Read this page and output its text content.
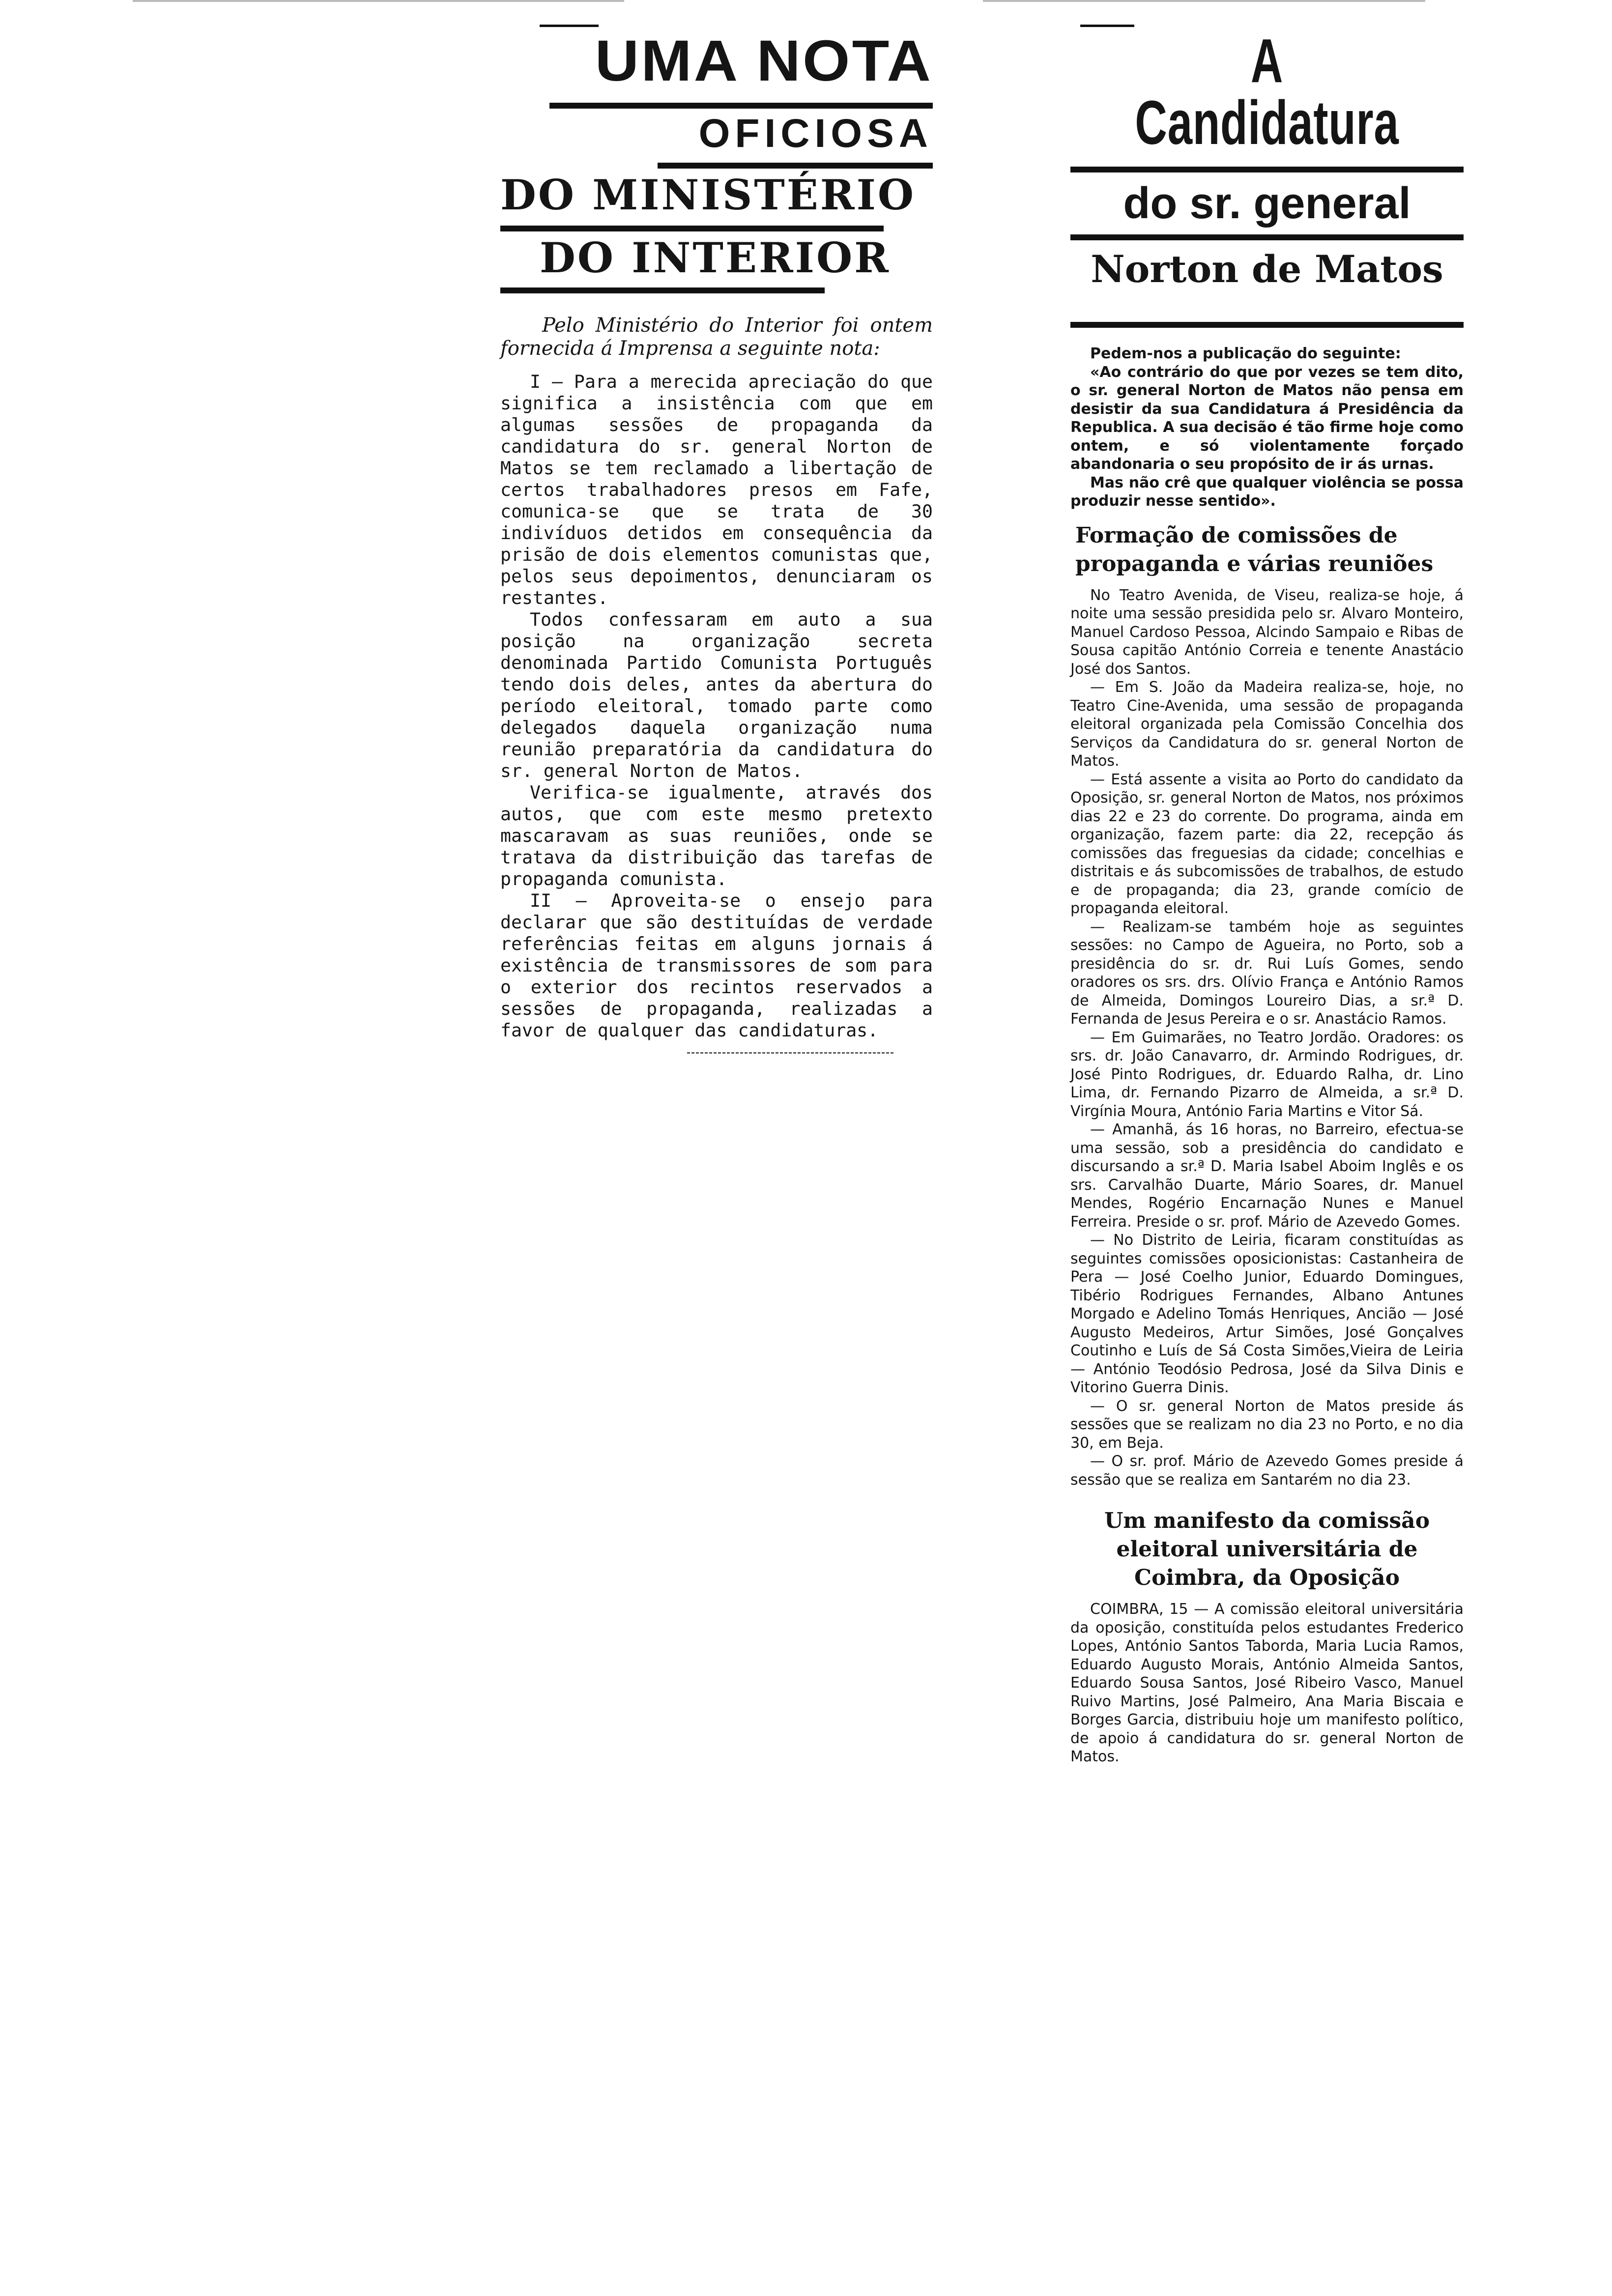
UMA NOTA
OFICIOSA
DO MINISTÉRIO
DO INTERIOR

Pelo Ministério do Interior foi ontem fornecida á Imprensa a seguinte nota:

I — Para a merecida apreciação do que significa a insistência com que em algumas sessões de propaganda da candidatura do sr. general Norton de Matos se tem reclamado a libertação de certos trabalhadores presos em Fafe, comunica-se que se trata de 30 indivíduos detidos em consequência da prisão de dois elementos comunistas que, pelos seus depoimentos, denunciaram os restantes.

Todos confessaram em auto a sua posição na organização secreta denominada Partido Comunista Português tendo dois deles, antes da abertura do período eleitoral, tomado parte como delegados daquela organização numa reunião preparatória da candidatura do sr. general Norton de Matos.

Verifica-se igualmente, através dos autos, que com este mesmo pretexto mascaravam as suas reuniões, onde se tratava da distribuição das tarefas de propaganda comunista.

II — Aproveita-se o ensejo para declarar que são destituídas de verdade referências feitas em alguns jornais á existência de transmissores de som para o exterior dos recintos reservados a sessões de propaganda, realizadas a favor de qualquer das candidaturas.

A Candidatura
do sr. general
Norton de Matos

Pedem-nos a publicação do seguinte:

«Ao contrário do que por vezes se tem dito, o sr. general Norton de Matos não pensa em desistir da sua Candidatura á Presidência da Republica. A sua decisão é tão firme hoje como ontem, e só violentamente forçado abandonaria o seu propósito de ir ás urnas.

Mas não crê que qualquer violência se possa produzir nesse sentido».

Formação de comissões de propaganda e várias reuniões

No Teatro Avenida, de Viseu, realiza-se hoje, á noite uma sessão presidida pelo sr. Alvaro Monteiro, Manuel Cardoso Pessoa, Alcindo Sampaio e Ribas de Sousa capitão António Correia e tenente Anastácio José dos Santos.

— Em S. João da Madeira realiza-se, hoje, no Teatro Cine-Avenida, uma sessão de propaganda eleitoral organizada pela Comissão Concelhia dos Serviços da Candidatura do sr. general Norton de Matos.

— Está assente a visita ao Porto do candidato da Oposição, sr. general Norton de Matos, nos próximos dias 22 e 23 do corrente. Do programa, ainda em organização, fazem parte: dia 22, recepção ás comissões das freguesias da cidade; concelhias e distritais e ás subcomissões de trabalhos, de estudo e de propaganda; dia 23, grande comício de propaganda eleitoral.

— Realizam-se também hoje as seguintes sessões: no Campo de Agueira, no Porto, sob a presidência do sr. dr. Rui Luís Gomes, sendo oradores os srs. drs. Olívio França e António Ramos de Almeida, Domingos Loureiro Dias, a sr.ª D. Fernanda de Jesus Pereira e o sr. Anastácio Ramos.

— Em Guimarães, no Teatro Jordão. Oradores: os srs. dr. João Canavarro, dr. Armindo Rodrigues, dr. José Pinto Rodrigues, dr. Eduardo Ralha, dr. Lino Lima, dr. Fernando Pizarro de Almeida, a sr.ª D. Virgínia Moura, António Faria Martins e Vitor Sá.

— Amanhã, ás 16 horas, no Barreiro, efectua-se uma sessão, sob a presidência do candidato e discursando a sr.ª D. Maria Isabel Aboim Inglês e os srs. Carvalhão Duarte, Mário Soares, dr. Manuel Mendes, Rogério Encarnação Nunes e Manuel Ferreira. Preside o sr. prof. Mário de Azevedo Gomes.

— No Distrito de Leiria, ficaram constituídas as seguintes comissões oposicionistas: Castanheira de Pera — José Coelho Junior, Eduardo Domingues, Tibério Rodrigues Fernandes, Albano Antunes Morgado e Adelino Tomás Henriques, Ancião — José Augusto Medeiros, Artur Simões, José Gonçalves Coutinho e Luís de Sá Costa Simões,Vieira de Leiria — António Teodósio Pedrosa, José da Silva Dinis e Vitorino Guerra Dinis.

— O sr. general Norton de Matos preside ás sessões que se realizam no dia 23 no Porto, e no dia 30, em Beja.

— O sr. prof. Mário de Azevedo Gomes preside á sessão que se realiza em Santarém no dia 23.

Um manifesto da comissão eleitoral universitária de Coimbra, da Oposição

COIMBRA, 15 — A comissão eleitoral universitária da oposição, constituída pelos estudantes Frederico Lopes, António Santos Taborda, Maria Lucia Ramos, Eduardo Augusto Morais, António Almeida Santos, Eduardo Sousa Santos, José Ribeiro Vasco, Manuel Ruivo Martins, José Palmeiro, Ana Maria Biscaia e Borges Garcia, distribuiu hoje um manifesto político, de apoio á candidatura do sr. general Norton de Matos.
